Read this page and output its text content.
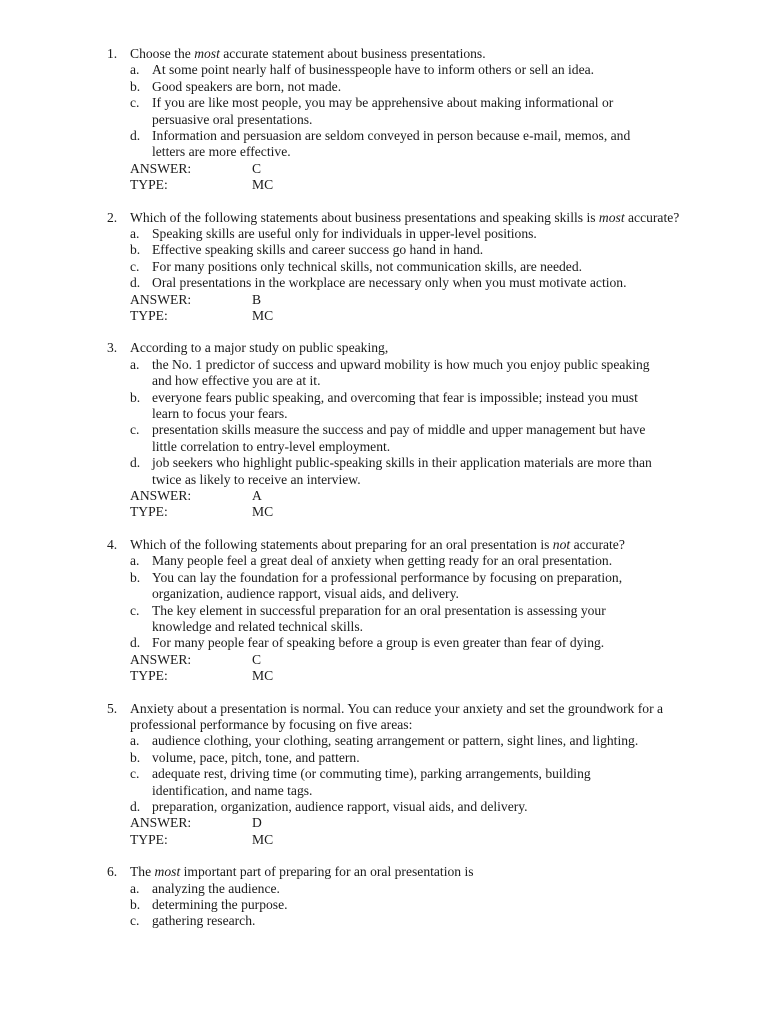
1. Choose the most accurate statement about business presentations.
a. At some point nearly half of businesspeople have to inform others or sell an idea.
b. Good speakers are born, not made.
c. If you are like most people, you may be apprehensive about making informational or persuasive oral presentations.
d. Information and persuasion are seldom conveyed in person because e-mail, memos, and letters are more effective.
ANSWER:	C
TYPE:	MC
2. Which of the following statements about business presentations and speaking skills is most accurate?
a. Speaking skills are useful only for individuals in upper-level positions.
b. Effective speaking skills and career success go hand in hand.
c. For many positions only technical skills, not communication skills, are needed.
d. Oral presentations in the workplace are necessary only when you must motivate action.
ANSWER:	B
TYPE:	MC
3. According to a major study on public speaking,
a. the No. 1 predictor of success and upward mobility is how much you enjoy public speaking and how effective you are at it.
b. everyone fears public speaking, and overcoming that fear is impossible; instead you must learn to focus your fears.
c. presentation skills measure the success and pay of middle and upper management but have little correlation to entry-level employment.
d. job seekers who highlight public-speaking skills in their application materials are more than twice as likely to receive an interview.
ANSWER:	A
TYPE:	MC
4. Which of the following statements about preparing for an oral presentation is not accurate?
a. Many people feel a great deal of anxiety when getting ready for an oral presentation.
b. You can lay the foundation for a professional performance by focusing on preparation, organization, audience rapport, visual aids, and delivery.
c. The key element in successful preparation for an oral presentation is assessing your knowledge and related technical skills.
d. For many people fear of speaking before a group is even greater than fear of dying.
ANSWER:	C
TYPE:	MC
5. Anxiety about a presentation is normal. You can reduce your anxiety and set the groundwork for a professional performance by focusing on five areas:
a. audience clothing, your clothing, seating arrangement or pattern, sight lines, and lighting.
b. volume, pace, pitch, tone, and pattern.
c. adequate rest, driving time (or commuting time), parking arrangements, building identification, and name tags.
d. preparation, organization, audience rapport, visual aids, and delivery.
ANSWER:	D
TYPE:	MC
6. The most important part of preparing for an oral presentation is
a. analyzing the audience.
b. determining the purpose.
c. gathering research.
